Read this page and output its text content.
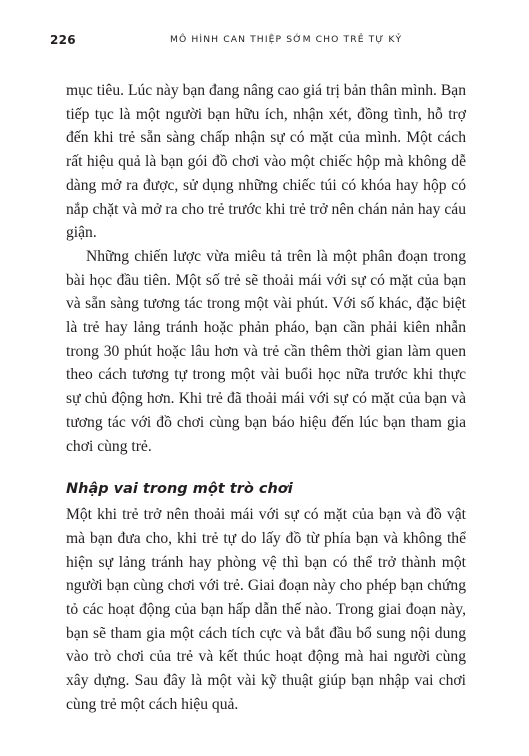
226	MÔ HÌNH CAN THIỆP SỚM CHO TRẺ TỰ KỶ

mục tiêu. Lúc này bạn đang nâng cao giá trị bản thân mình. Bạn tiếp tục là một người bạn hữu ích, nhận xét, đồng tình, hỗ trợ đến khi trẻ sẵn sàng chấp nhận sự có mặt của mình. Một cách rất hiệu quả là bạn gói đồ chơi vào một chiếc hộp mà không dễ dàng mở ra được, sử dụng những chiếc túi có khóa hay hộp có nắp chặt và mở ra cho trẻ trước khi trẻ trở nên chán nản hay cáu giận.

Những chiến lược vừa miêu tả trên là một phân đoạn trong bài học đầu tiên. Một số trẻ sẽ thoải mái với sự có mặt của bạn và sẵn sàng tương tác trong một vài phút. Với số khác, đặc biệt là trẻ hay lảng tránh hoặc phản pháo, bạn cần phải kiên nhẫn trong 30 phút hoặc lâu hơn và trẻ cần thêm thời gian làm quen theo cách tương tự trong một vài buổi học nữa trước khi thực sự chủ động hơn. Khi trẻ đã thoải mái với sự có mặt của bạn và tương tác với đồ chơi cùng bạn báo hiệu đến lúc bạn tham gia chơi cùng trẻ.

Nhập vai trong một trò chơi

Một khi trẻ trở nên thoải mái với sự có mặt của bạn và đồ vật mà bạn đưa cho, khi trẻ tự do lấy đồ từ phía bạn và không thể hiện sự lảng tránh hay phòng vệ thì bạn có thể trở thành một người bạn cùng chơi với trẻ. Giai đoạn này cho phép bạn chứng tỏ các hoạt động của bạn hấp dẫn thế nào. Trong giai đoạn này, bạn sẽ tham gia một cách tích cực và bắt đầu bổ sung nội dung vào trò chơi của trẻ và kết thúc hoạt động mà hai người cùng xây dựng. Sau đây là một vài kỹ thuật giúp bạn nhập vai chơi cùng trẻ một cách hiệu quả.
